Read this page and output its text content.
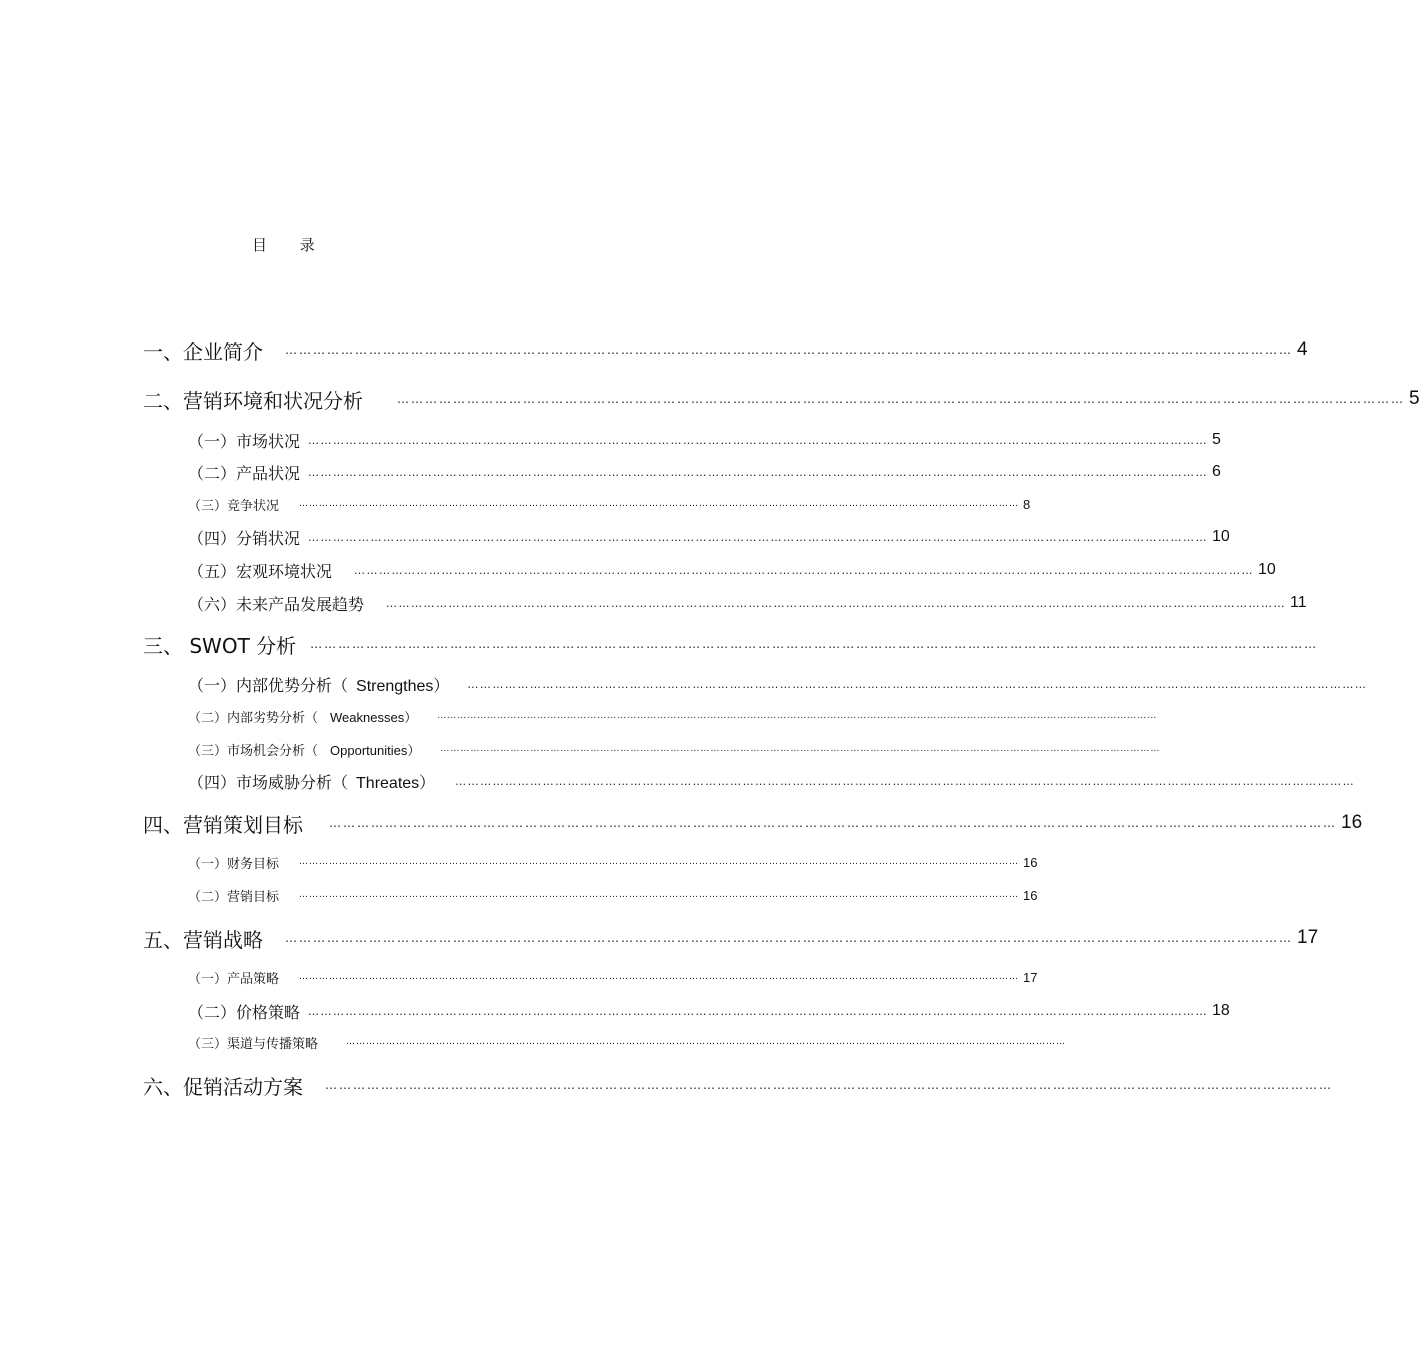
目 录
一、企业简介 ……………………………………………………………………………………………………………………………………………………………………………………………… 4
二、营销环境和状况分析	……………………………………………………………………………………………………………………………………………………………………………………………… 5
（一）市场状况 ……………………………………………………………………………………………………………………………………………………………………………………………… 5
（二）产品状况 ……………………………………………………………………………………………………………………………………………………………………………………………… 6
（三）竞争状况 ……………………………………………………………………………………………………………………………………………………………………………………………… 8
（四）分销状况 ……………………………………………………………………………………………………………………………………………………………………………………………… 10
（五）宏观环境状况 ……………………………………………………………………………………………………………………………………………………………………………………………… 10
（六）未来产品发展趋势 ……………………………………………………………………………………………………………………………………………………………………………………………… 11
三、 SWOT 分析 ………………………………………………………………………………………………………………………………………………………………………………………………
（一）内部优势分析（ Strengthes） ………………………………………………………………………………………………………………………………………………………………………………………………
（二）内部劣势分析（ Weaknesses） ………………………………………………………………………………………………………………………………………………………………………………………………
（三）市场机会分析（ Opportunities） ………………………………………………………………………………………………………………………………………………………………………………………………
（四）市场威胁分析（ Threates） ………………………………………………………………………………………………………………………………………………………………………………………………
四、营销策划目标 ……………………………………………………………………………………………………………………………………………………………………………………………… 16
（一）财务目标 ……………………………………………………………………………………………………………………………………………………………………………………………… 16
（二）营销目标 ……………………………………………………………………………………………………………………………………………………………………………………………… 16
五、营销战略 ……………………………………………………………………………………………………………………………………………………………………………………………… 17
（一）产品策略 ……………………………………………………………………………………………………………………………………………………………………………………………… 17
（二）价格策略 ……………………………………………………………………………………………………………………………………………………………………………………………… 18
（三）渠道与传播策略	………………………………………………………………………………………………………………………………………………………………………………………………
六、促销活动方案 ………………………………………………………………………………………………………………………………………………………………………………………………
